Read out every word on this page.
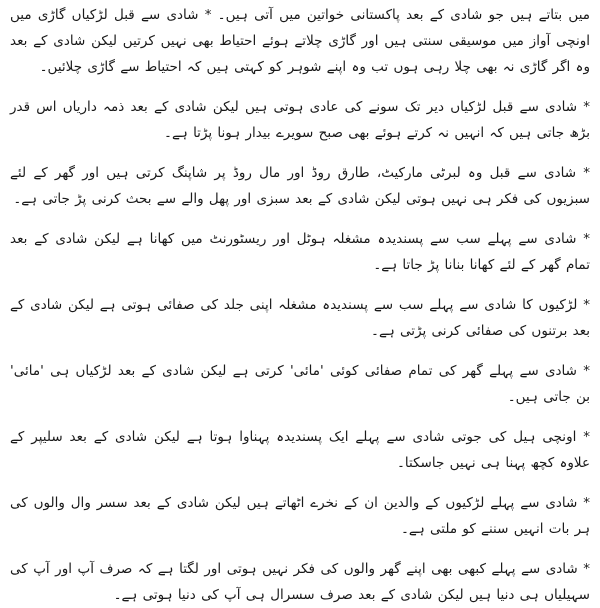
میں بتاتے ہیں جو شادی کے بعد پاکستانی خواتین میں آتی ہیں۔ * شادی سے قبل لڑکیاں گاڑی میں اونچی آواز میں موسیقی سنتی ہیں اور گاڑی چلاتے ہوئے احتیاط بھی نہیں کرتیں لیکن شادی کے بعد وہ اگر گاڑی نہ بھی چلا رہی ہوں تب وہ اپنے شوہر کو کہتی ہیں کہ احتیاط سے گاڑی چلائیں۔

* شادی سے قبل لڑکیاں دیر تک سونے کی عادی ہوتی ہیں لیکن شادی کے بعد ذمہ داریاں اس قدر بڑھ جاتی ہیں کہ انہیں نہ کرتے ہوئے بھی صبح سویرے بیدار ہونا پڑتا ہے۔

* شادی سے قبل وہ لبرٹی مارکیٹ، طارق روڈ اور مال روڈ پر شاپنگ کرتی ہیں اور گھر کے لئے سبزیوں کی فکر ہی نہیں ہوتی لیکن شادی کے بعد سبزی اور پھل والے سے بحث کرنی پڑ جاتی ہے۔

* شادی سے پہلے سب سے پسندیدہ مشغلہ ہوٹل اور ریسٹورنٹ میں کھانا ہے لیکن شادی کے بعد تمام گھر کے لئے کھانا بنانا پڑ جاتا ہے۔

* لڑکیوں کا شادی سے پہلے سب سے پسندیدہ مشغلہ اپنی جلد کی صفائی ہوتی ہے لیکن شادی کے بعد برتنوں کی صفائی کرنی پڑتی ہے۔

* شادی سے پہلے گھر کی تمام صفائی کوئی 'مائی' کرتی ہے لیکن شادی کے بعد لڑکیاں ہی 'مائی' بن جاتی ہیں۔

* اونچی ہیل کی جوتی شادی سے پہلے ایک پسندیدہ پہناوا ہوتا ہے لیکن شادی کے بعد سلیپر کے علاوہ کچھ پہنا ہی نہیں جاسکتا۔

* شادی سے پہلے لڑکیوں کے والدین ان کے نخرے اٹھاتے ہیں لیکن شادی کے بعد سسر وال والوں کی ہر بات انہیں سننے کو ملتی ہے۔

* شادی سے پہلے کبھی بھی اپنے گھر والوں کی فکر نہیں ہوتی اور لگتا ہے کہ صرف آپ اور آپ کی سہیلیاں ہی دنیا ہیں لیکن شادی کے بعد صرف سسرال ہی آپ کی دنیا ہوتی ہے۔
